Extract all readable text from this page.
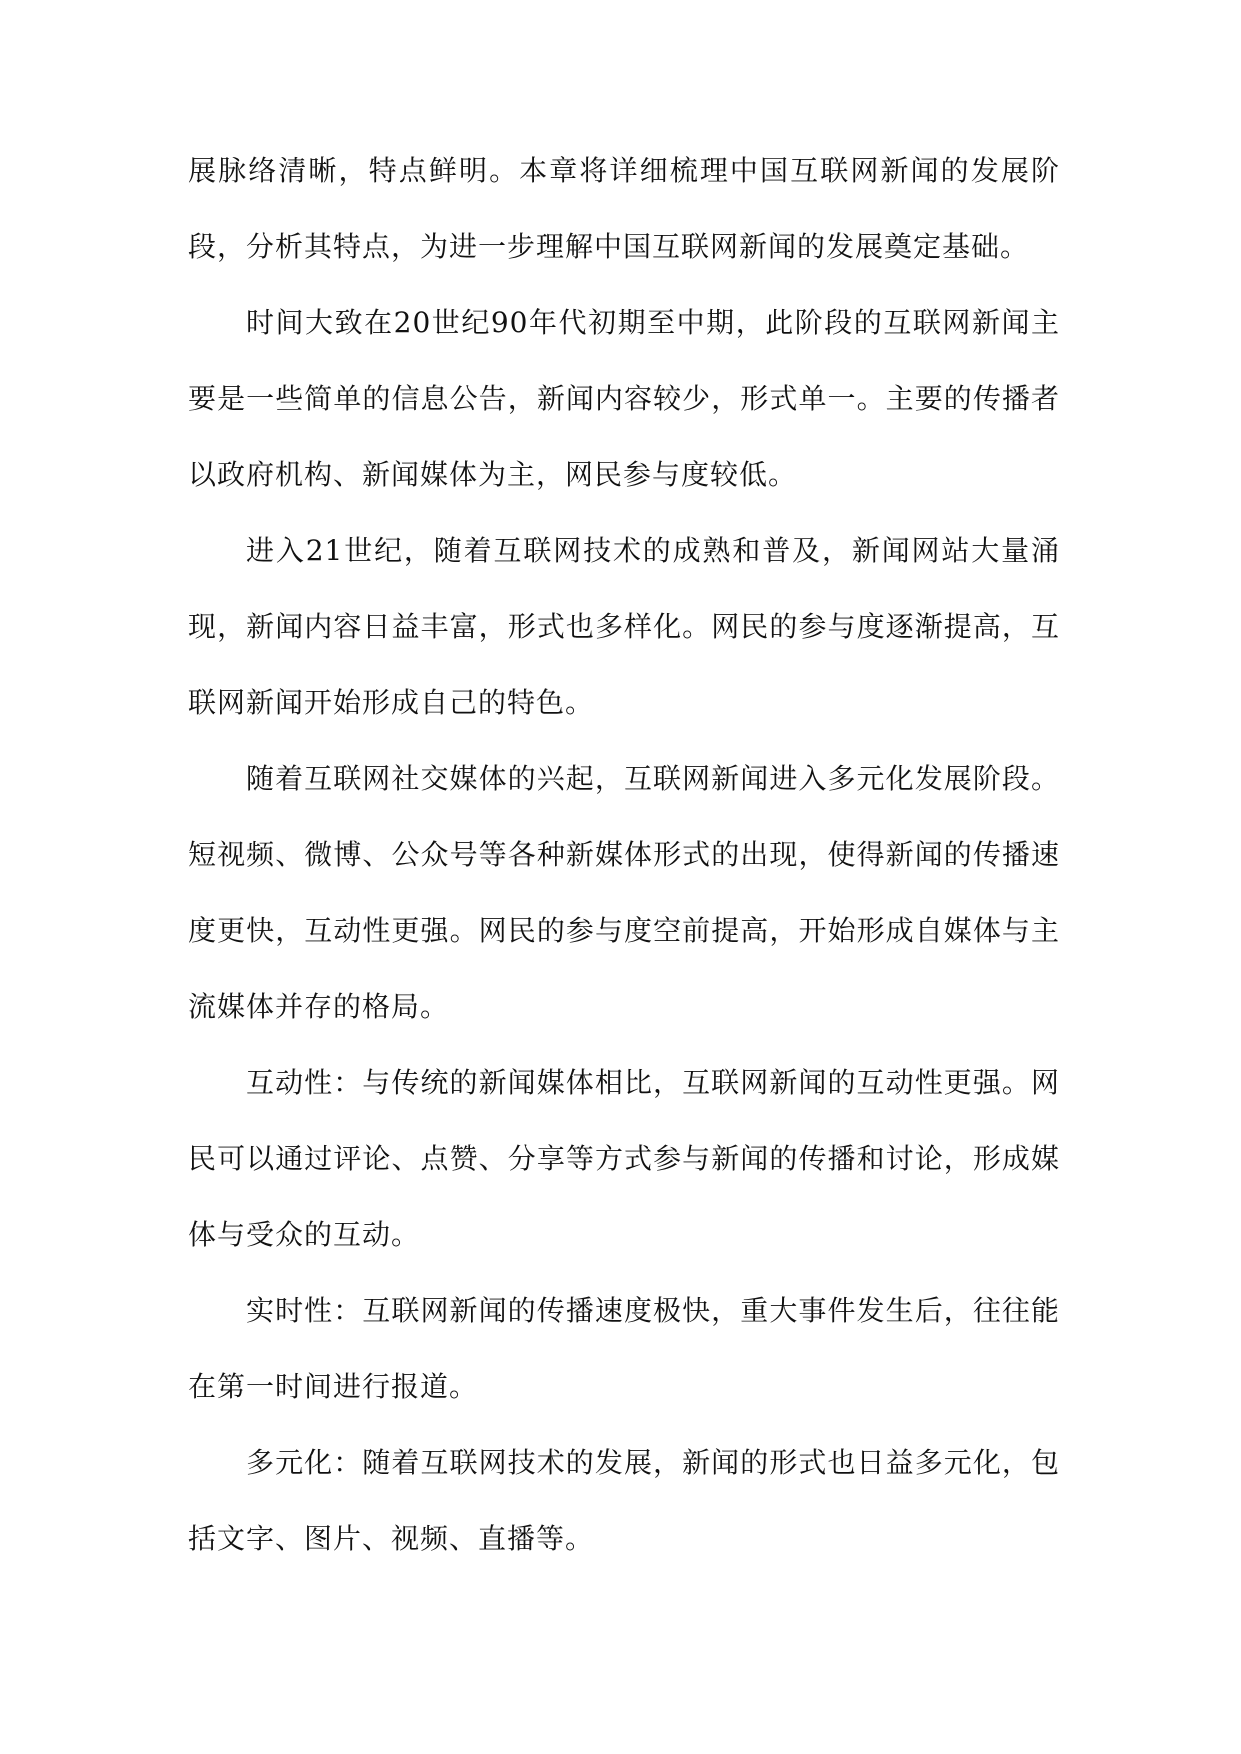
展脉络清晰，特点鲜明。本章将详细梳理中国互联网新闻的发展阶段，分析其特点，为进一步理解中国互联网新闻的发展奠定基础。

时间大致在20世纪90年代初期至中期，此阶段的互联网新闻主要是一些简单的信息公告，新闻内容较少，形式单一。主要的传播者以政府机构、新闻媒体为主，网民参与度较低。

进入21世纪，随着互联网技术的成熟和普及，新闻网站大量涌现，新闻内容日益丰富，形式也多样化。网民的参与度逐渐提高，互联网新闻开始形成自己的特色。

随着互联网社交媒体的兴起，互联网新闻进入多元化发展阶段。短视频、微博、公众号等各种新媒体形式的出现，使得新闻的传播速度更快，互动性更强。网民的参与度空前提高，开始形成自媒体与主流媒体并存的格局。

互动性：与传统的新闻媒体相比，互联网新闻的互动性更强。网民可以通过评论、点赞、分享等方式参与新闻的传播和讨论，形成媒体与受众的互动。

实时性：互联网新闻的传播速度极快，重大事件发生后，往往能在第一时间进行报道。

多元化：随着互联网技术的发展，新闻的形式也日益多元化，包括文字、图片、视频、直播等。
